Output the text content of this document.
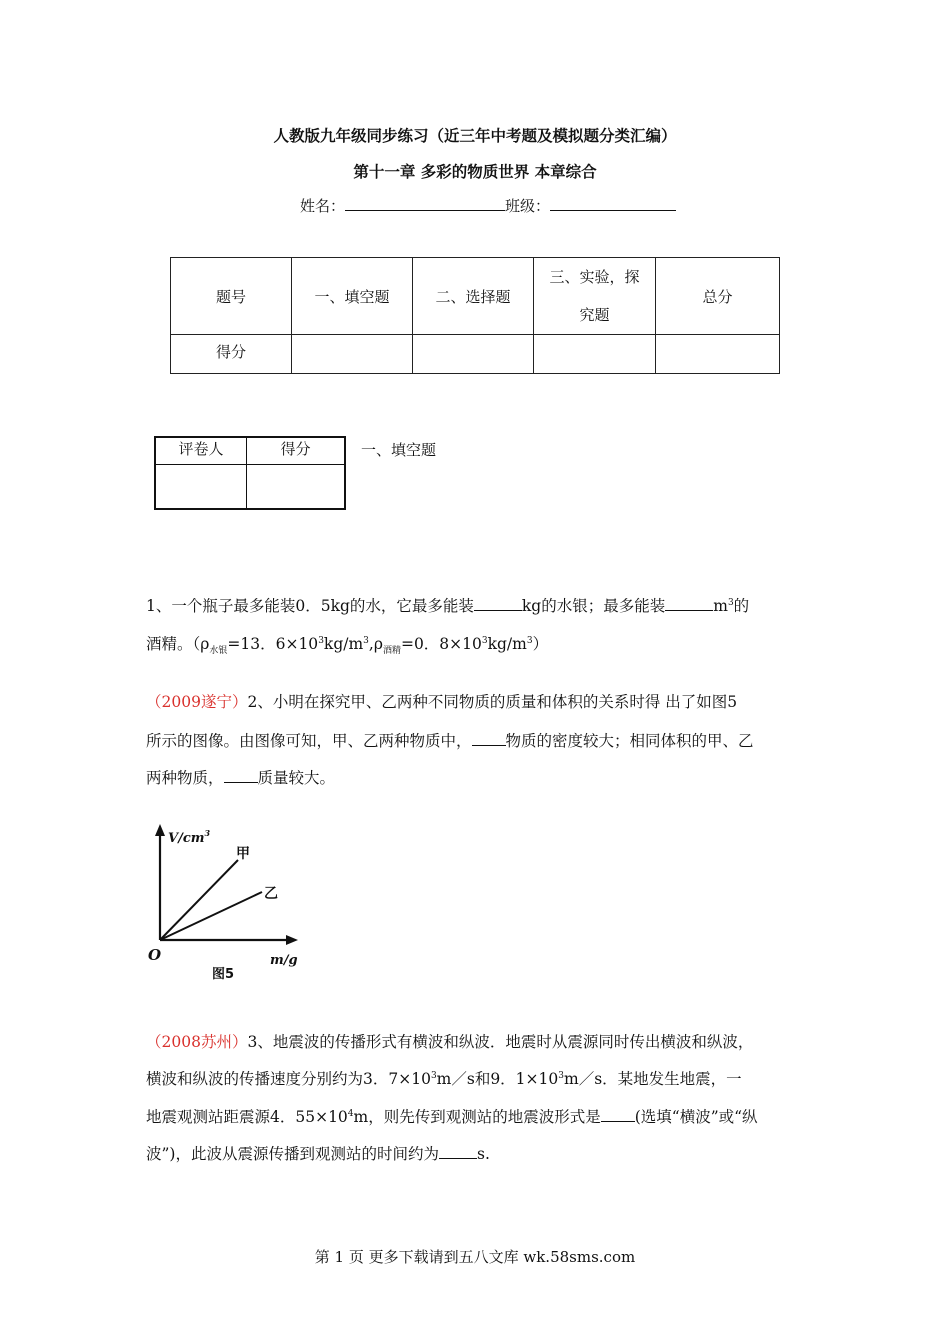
人教版九年级同步练习（近三年中考题及模拟题分类汇编）
第十一章 多彩的物质世界 本章综合
姓名：	班级：
题号	一、填空题	二、选择题	三、实验，探
究题	总分
得分				
评卷人	得分
		一、填空题
1、一个瓶子最多能装0．5kg的水，它最多能装	kg的水银；最多能装	$m^3$的
酒精。（$\rho_{水银}=13$．$6\times 10^3kg/m^3,\rho_{酒精}=0$．$8\times 10^3kg/m^3$）
（2009遂宁）2、小明在探究甲、乙两种不同物质的质量和体积的关系时得 出了如图5
所示的图像。由图像可知，甲、乙两种物质中， 物质的密度较大；相同体积的甲、乙
两种物质， 质量较大。
$V/cm^3$
甲
乙
O	m/g
图5
（2008苏州）3、地震波的传播形式有横波和纵波．地震时从震源同时传出横波和纵波，
横波和纵波的传播速度分别约为3．$7\times 10^3m/s$和9．$1\times 10^3m/s$．某地发生地震，一
地震观测站距震源4．$55\times 10^4m$，则先传到观测站的地震波形式是 (选填“横波”或“纵
波”)，此波从震源传播到观测站的时间约为 s.
第 1 页 更多下载请到五八文库 wk.58sms.com
